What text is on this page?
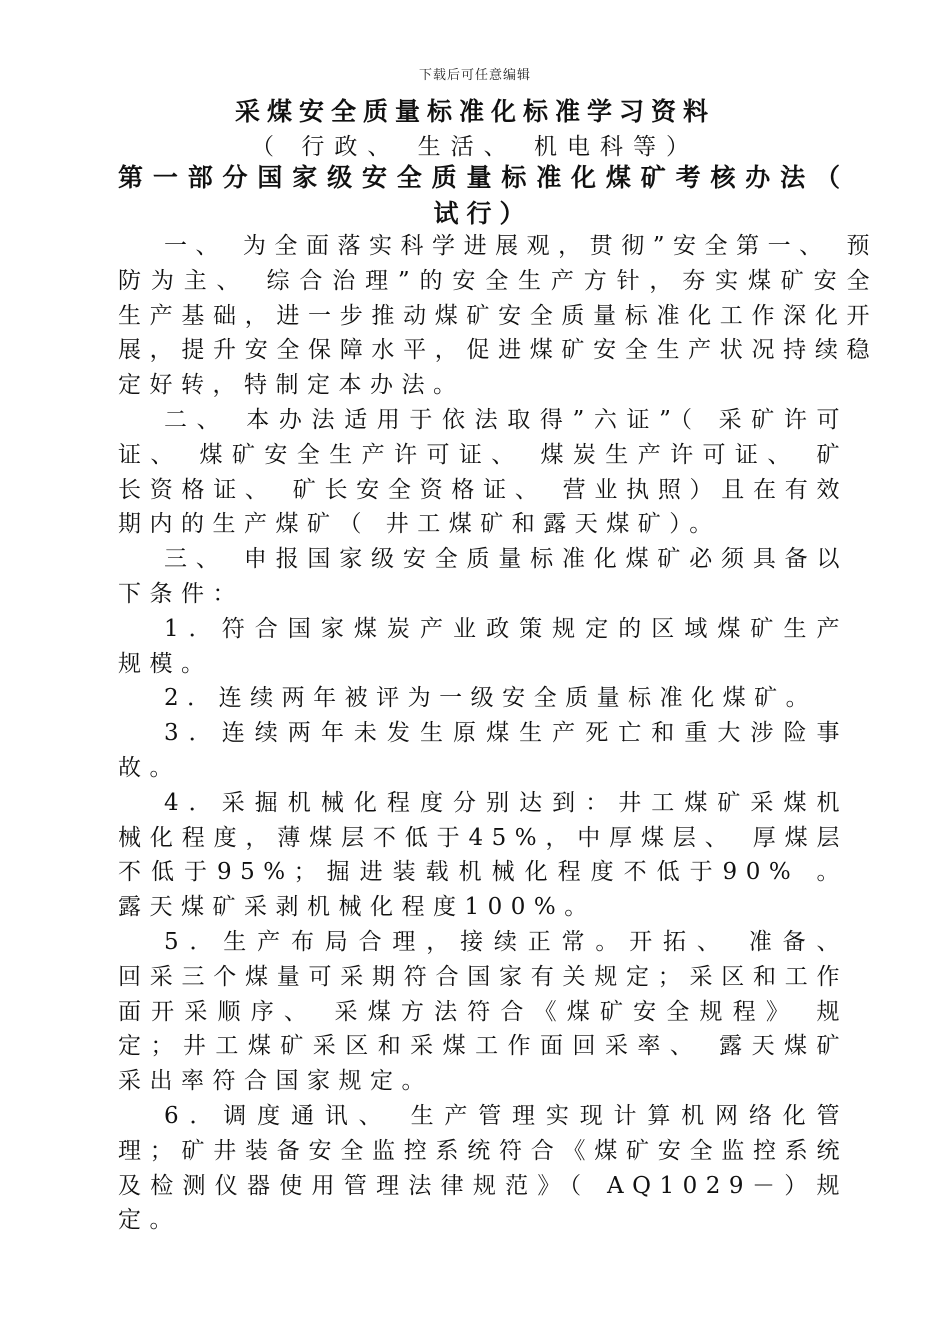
下载后可任意编辑
采煤安全质量标准化标准学习资料
（ 行政、 生活、 机电科等）
第一部分国家级安全质量标准化煤矿考核办法（ 试行）

一、 为全面落实科学进展观，贯彻”安全第一、 预防为主、 综合治理”的安全生产方针，夯实煤矿安全生产基础，进一步推动煤矿安全质量标准化工作深化开展，提升安全保障水平，促进煤矿安全生产状况持续稳定好转，特制定本办法。

二、 本办法适用于依法取得”六证”（ 采矿许可证、 煤矿安全生产许可证、 煤炭生产许可证、 矿长资格证、 矿长安全资格证、 营业执照）且在有效期内的生产煤矿（ 井工煤矿和露天煤矿）。

三、 申报国家级安全质量标准化煤矿必须具备以下条件：

1．符合国家煤炭产业政策规定的区域煤矿生产规模。

2．连续两年被评为一级安全质量标准化煤矿。

3．连续两年未发生原煤生产死亡和重大涉险事故。

4．采掘机械化程度分别达到：井工煤矿采煤机械化程度，薄煤层不低于45%，中厚煤层、 厚煤层不低于95%；掘进装载机械化程度不低于90% 。露天煤矿采剥机械化程度100%。

5．生产布局合理，接续正常。开拓、 准备、 回采三个煤量可采期符合国家有关规定；采区和工作面开采顺序、 采煤方法符合《煤矿安全规程》 规定；井工煤矿采区和采煤工作面回采率、 露天煤矿采出率符合国家规定。

6．调度通讯、 生产管理实现计算机网络化管理；矿井装备安全监控系统符合《煤矿安全监控系统及检测仪器使用管理法律规范》（ AQ1029－）规定。
